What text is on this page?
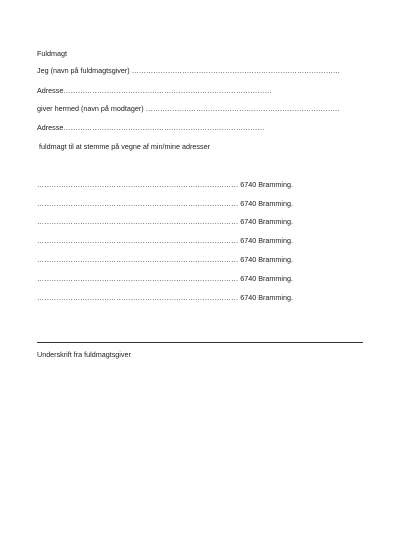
Fuldmagt
Jeg (navn på fuldmagtsgiver) ……………………………………………………………………………
Adresse……………………………………………………………………………
giver hermed (navn på modtager) ………………………………………………………………………
Adresse…………………………………………………………………………
fuldmagt til at stemme på vegne af min/mine adresser
………………………………………………………………………… 6740 Bramming.
………………………………………………………………………… 6740 Bramming.
………………………………………………………………………… 6740 Bramming.
………………………………………………………………………… 6740 Bramming.
………………………………………………………………………… 6740 Bramming.
………………………………………………………………………… 6740 Bramming.
………………………………………………………………………… 6740 Bramming.
Underskrift fra fuldmagtsgiver
